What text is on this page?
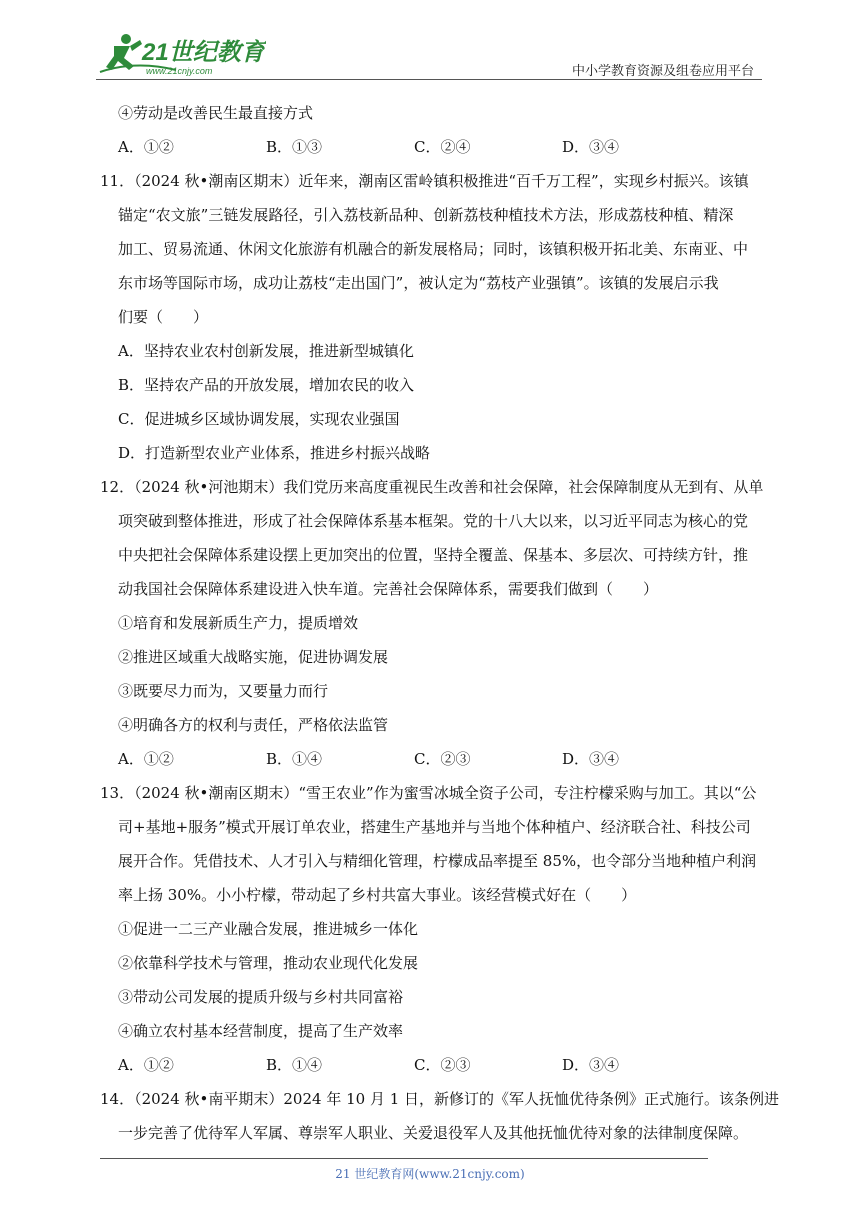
21世纪教育
www.21cnjy.com	中小学教育资源及组卷应用平台
④劳动是改善民生最直接方式
A．①②	B．①③	C．②④	D．③④
11．（2024 秋•潮南区期末）近年来，潮南区雷岭镇积极推进“百千万工程”，实现乡村振兴。该镇
锚定“农文旅”三链发展路径，引入荔枝新品种、创新荔枝种植技术方法，形成荔枝种植、精深
加工、贸易流通、休闲文化旅游有机融合的新发展格局；同时，该镇积极开拓北美、东南亚、中
东市场等国际市场，成功让荔枝“走出国门”，被认定为“荔枝产业强镇”。该镇的发展启示我
们要（　　）
A．坚持农业农村创新发展，推进新型城镇化
B．坚持农产品的开放发展，增加农民的收入
C．促进城乡区域协调发展，实现农业强国
D．打造新型农业产业体系，推进乡村振兴战略
12．（2024 秋•河池期末）我们党历来高度重视民生改善和社会保障，社会保障制度从无到有、从单
项突破到整体推进，形成了社会保障体系基本框架。党的十八大以来，以习近平同志为核心的党
中央把社会保障体系建设摆上更加突出的位置，坚持全覆盖、保基本、多层次、可持续方针，推
动我国社会保障体系建设进入快车道。完善社会保障体系，需要我们做到（　　）
①培育和发展新质生产力，提质增效
②推进区域重大战略实施，促进协调发展
③既要尽力而为，又要量力而行
④明确各方的权利与责任，严格依法监管
A．①②	B．①④	C．②③	D．③④
13．（2024 秋•潮南区期末）“雪王农业”作为蜜雪冰城全资子公司，专注柠檬采购与加工。其以“公
司+基地+服务”模式开展订单农业，搭建生产基地并与当地个体种植户、经济联合社、科技公司
展开合作。凭借技术、人才引入与精细化管理，柠檬成品率提至 85%，也令部分当地种植户利润
率上扬 30%。小小柠檬，带动起了乡村共富大事业。该经营模式好在（　　）
①促进一二三产业融合发展，推进城乡一体化
②依靠科学技术与管理，推动农业现代化发展
③带动公司发展的提质升级与乡村共同富裕
④确立农村基本经营制度，提高了生产效率
A．①②	B．①④	C．②③	D．③④
14．（2024 秋•南平期末）2024 年 10 月 1 日，新修订的《军人抚恤优待条例》正式施行。该条例进
一步完善了优待军人军属、尊崇军人职业、关爱退役军人及其他抚恤优待对象的法律制度保障。
21 世纪教育网(www.21cnjy.com)
